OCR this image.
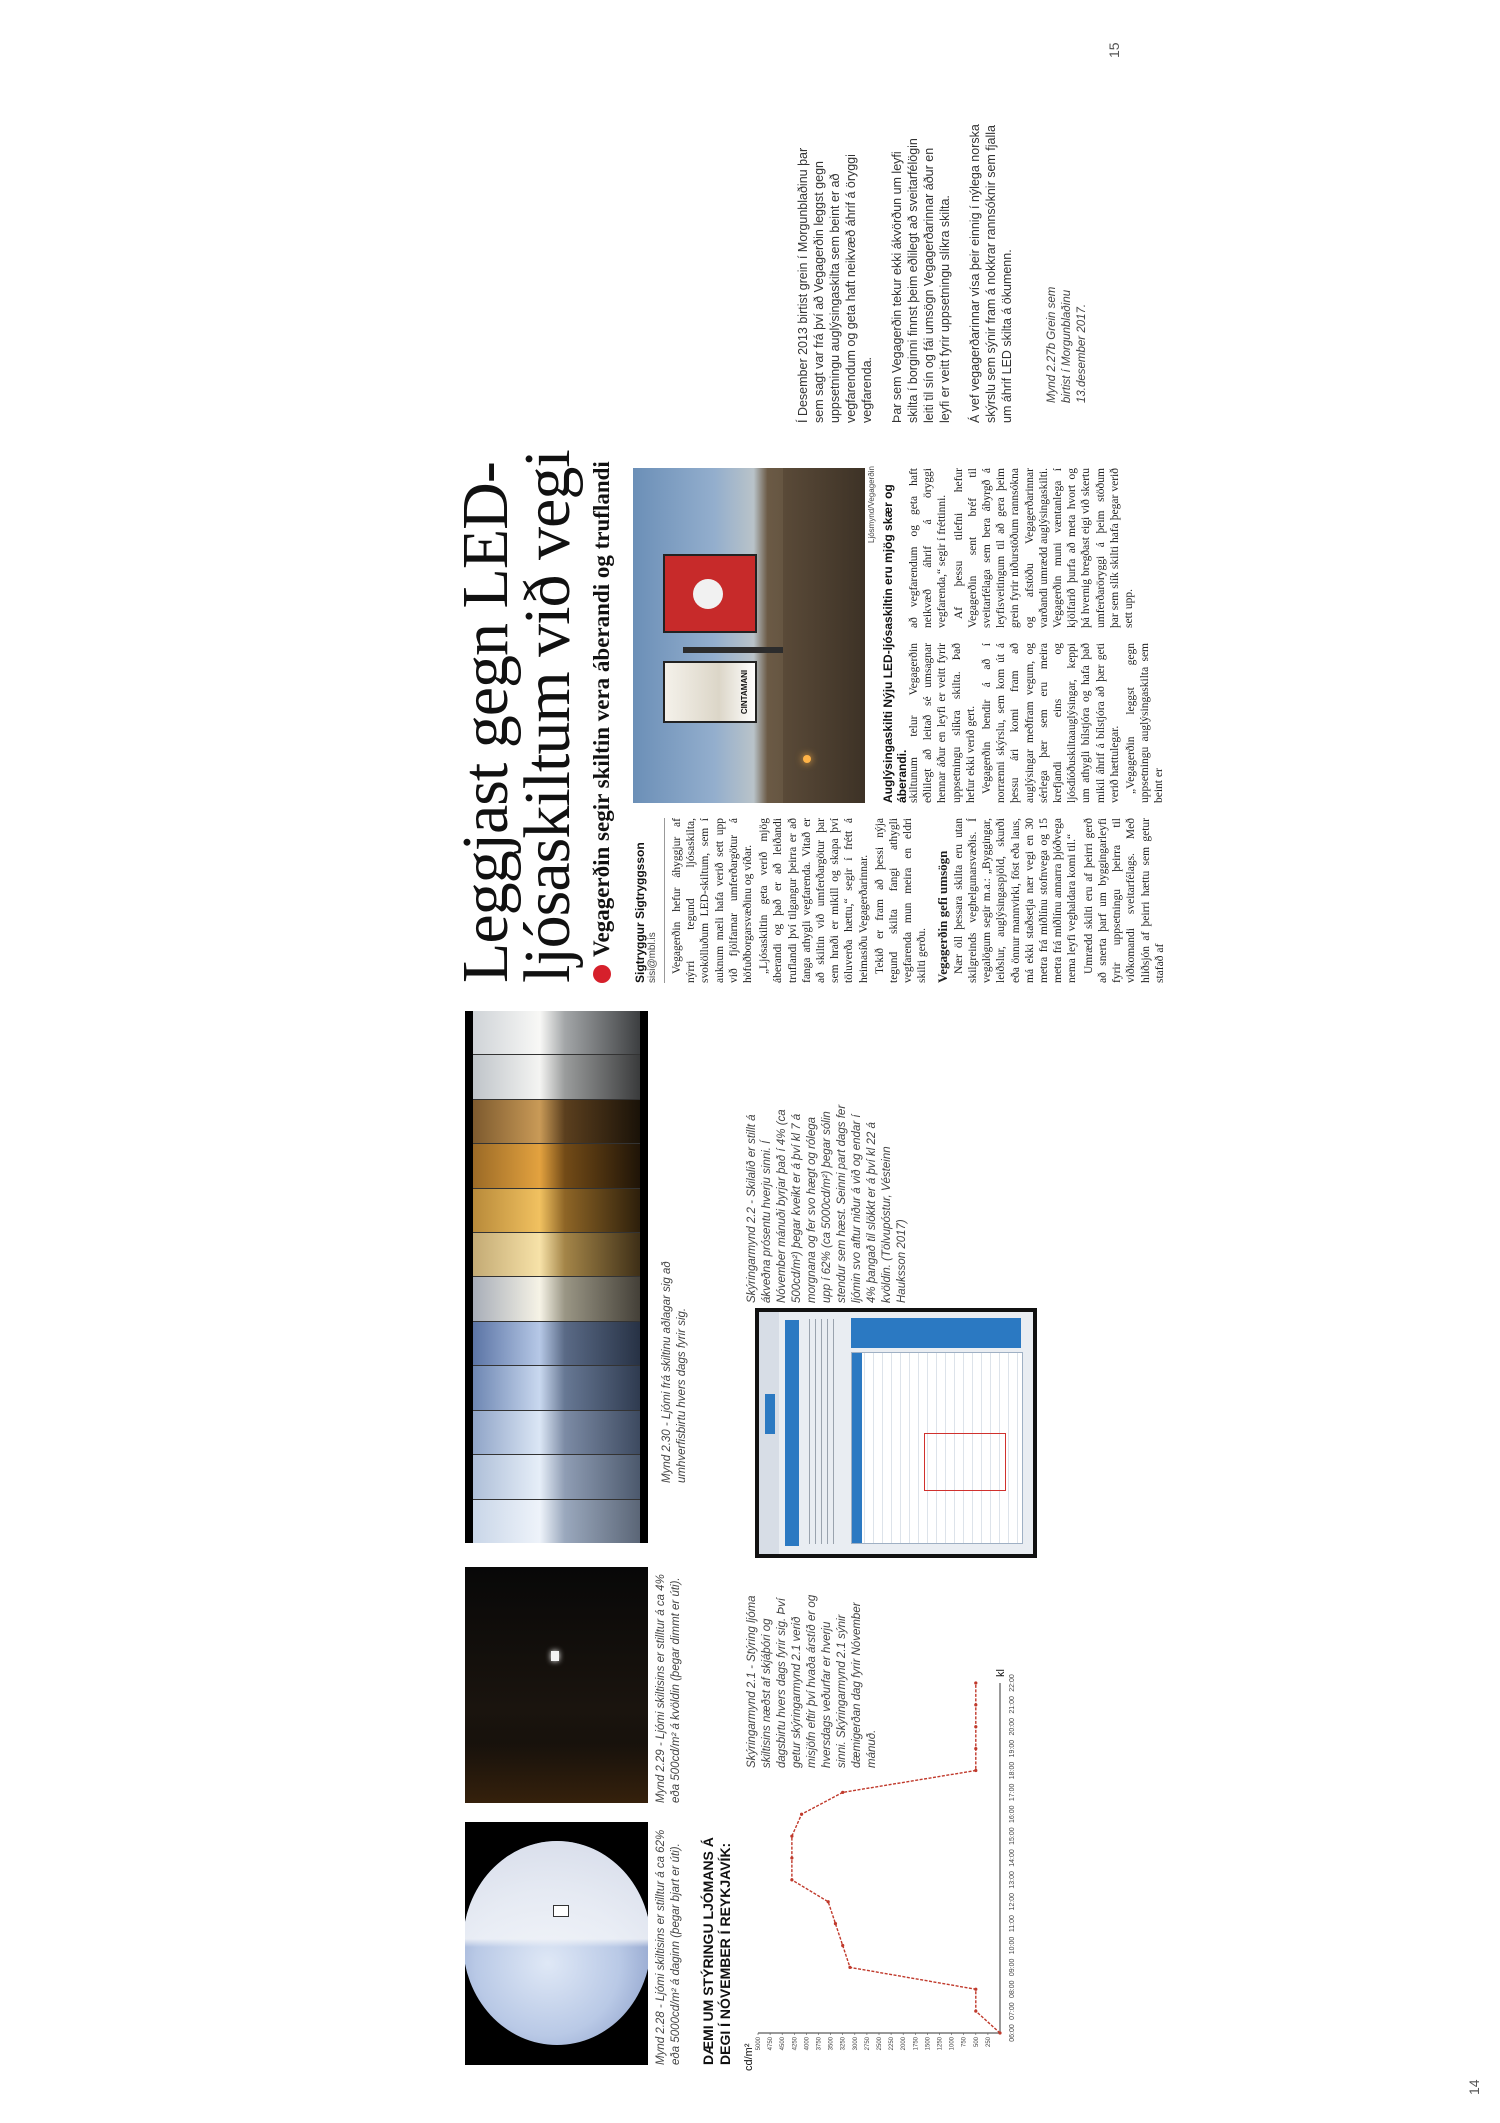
14
Mynd 2.28 - Ljómi skiltisins er stilltur á ca 62% eða 5000cd/m² á daginn (þegar bjart er úti).
Mynd 2.29 - Ljómi skiltisins er stilltur á ca 4% eða 500cd/m² á kvöldin (þegar dimmt er úti).
Mynd 2.30 - Ljómi frá skiltinu aðlagar sig að umhverfisbirtu hvers dags fyrir sig.
DÆMI UM STÝRINGU LJÓMANS Á DEGI Í NÓVEMBER Í REYKJAVÍK: cd/m²
kl
5000 4750 4500 4250 4000 3750 3500 3250 3000 2750 2500 2250 2000 1750 1500 1250 1000 750 500 250
06:00
07:00
08:00
09:00
10:00
11:00
12:00
13:00
14:00
15:00
16:00
17:00
18:00
19:00
20:00
21:00
22:00
Skýringarmynd 2.1 - Stýring ljóma skiltisins næðst af skjáþóri og dagsbirtu hvers dags fyrir sig. Því getur skýringarmynd 2.1 verið misjöfn eftir því hvaða árstíð er og hversdags veðurfar er hverju sinni. Skýringarmynd 2.1 sýnir dæmigerðan dag fyrir Nóvember mánuð.
Skýringarmynd 2.2 - Skilalið er stillt á ákveðna prósentu hverju sinni. Í Nóvember mánuði byrjar það í 4% (ca 500cd/m²) þegar kveikt er á því kl 7 á morgnana og fer svo hægt og rólega upp í 62% (ca 5000cd/m²) þegar sólin stendur sem hæst. Seinni part dags fer ljómin svo aftur niður á við og endar í 4% þangað til slökkt er á því kl 22 á kvöldin. (Tölvupóstur, Vésteinn Hauksson 2017)
15
Leggjast gegn LED-
ljósaskiltum við vegi Vegagerðin segir skiltin vera áberandi og truflandi Sigtryggur Sigtryggsson sisi@mbl.is Vegagerðin hefur áhyggjur af nýrri tegund ljósaskilta, svokölluðum LED-skiltum, sem í auknum mæli hafa verið sett upp við fjölfarnar umferðargötur á höfuðborgarsvæðinu og víðar. „Ljósaskiltin geta verið mjög áberandi og það er að leiðandi truflandi því tilgangur þeirra er að fanga athygli vegfarenda. Vitað er að skiltin við umferðargötur þar sem hraði er mikill og skapa því töluverða hættu,“ segir í frétt á heimasíðu Vegagerðarinnar. Tekið er fram að þessi nýja tegund skilta fangi athygli vegfarenda mun meira en eldri skilti gerðu. Vegagerðin gefi umsögn Nær öll þessara skilta eru utan skilgreinds veghelgunarsvæðis. Í vegalögum segir m.a.: „Byggingar, leiðslur, auglýsingaspjöld, skurði eða önnur mannvirki, föst eða laus, má ekki staðsetja nær vegi en 30 metra frá miðlínu stofnvega og 15 metra frá miðlínu annarra þjóðvega nema leyfi veghaldara komi til.“ Umrædd skilti eru af þeirri gerð að snerta þarf um byggingarleyfi fyrir uppsetningu þeirra til viðkomandi sveitarfélags. Með hliðsjón af þeirri hættu sem getur stafað af

CINTAMANI
Ljósmynd/Vegagerðin Auglýsingaskilti Nýju LED-ljósaskiltin eru mjög skær og áberandi. skiltunum telur Vegagerðin eðlilegt að leitað sé umsagnar hennar áður en leyfi er veitt fyrir uppsetningu slíkra skilta. Það hefur ekki verið gert. Vegagerðin bendir á að í norrænni skýrslu, sem kom út á þessu ári komi fram að auglýsingar meðfram vegum, og sérlega þær sem eru meira krefjandi eins og ljósdíóðuskiltaauglýsingar, keppi um athygli bílstjóra og hafa það mikil áhrif á bílstjóra að þær geti verið hættulegar. „Vegagerðin leggst gegn uppsetningu auglýsingaskilta sem beint er

að vegfarendum og geta haft neikvæð áhrif á öryggi vegfarenda,“ segir í fréttinni. Af þessu tilefni hefur Vegagerðin sent bréf til sveitarfélaga sem bera ábyrgð á leyfisveitingum til að gera þeim grein fyrir niðurstöðum rannsókna og afstöðu Vegagerðarinnar varðandi umrædd auglýsingaskilti. Vegagerðin muni væntanlega í kjölfarið þurfa að meta hvort og þá hvernig bregðast eigi við skertu umferðaröryggi á þeim stöðum þar sem slík skilti hafa þegar verið sett upp.

Mynd 2.27b Grein sem birtist í Morgunblaðinu 13.desember 2017.

Í Desember 2013 birtist grein í Morgunblaðinu þar sem sagt var frá því að Vegagerðin leggst gegn uppsetningu auglýsingaskilta sem beint er að vegfarendum og geta haft neikvæð áhrif á öryggi vegfarenda. Þar sem Vegagerðin tekur ekki ákvörðun um leyfi skilta í borginni finnst þeim eðlilegt að sveitarfélögin leiti til sín og fái umsögn Vegagerðarinnar áður en leyfi er veitt fyrir uppsetningu slíkra skilta. Á vef vegagerðarinnar vísa þeir einnig í nýlega norska skýrslu sem sýnir fram á nokkrar rannsóknir sem fjalla um áhrif LED skilta á ökumenn.
